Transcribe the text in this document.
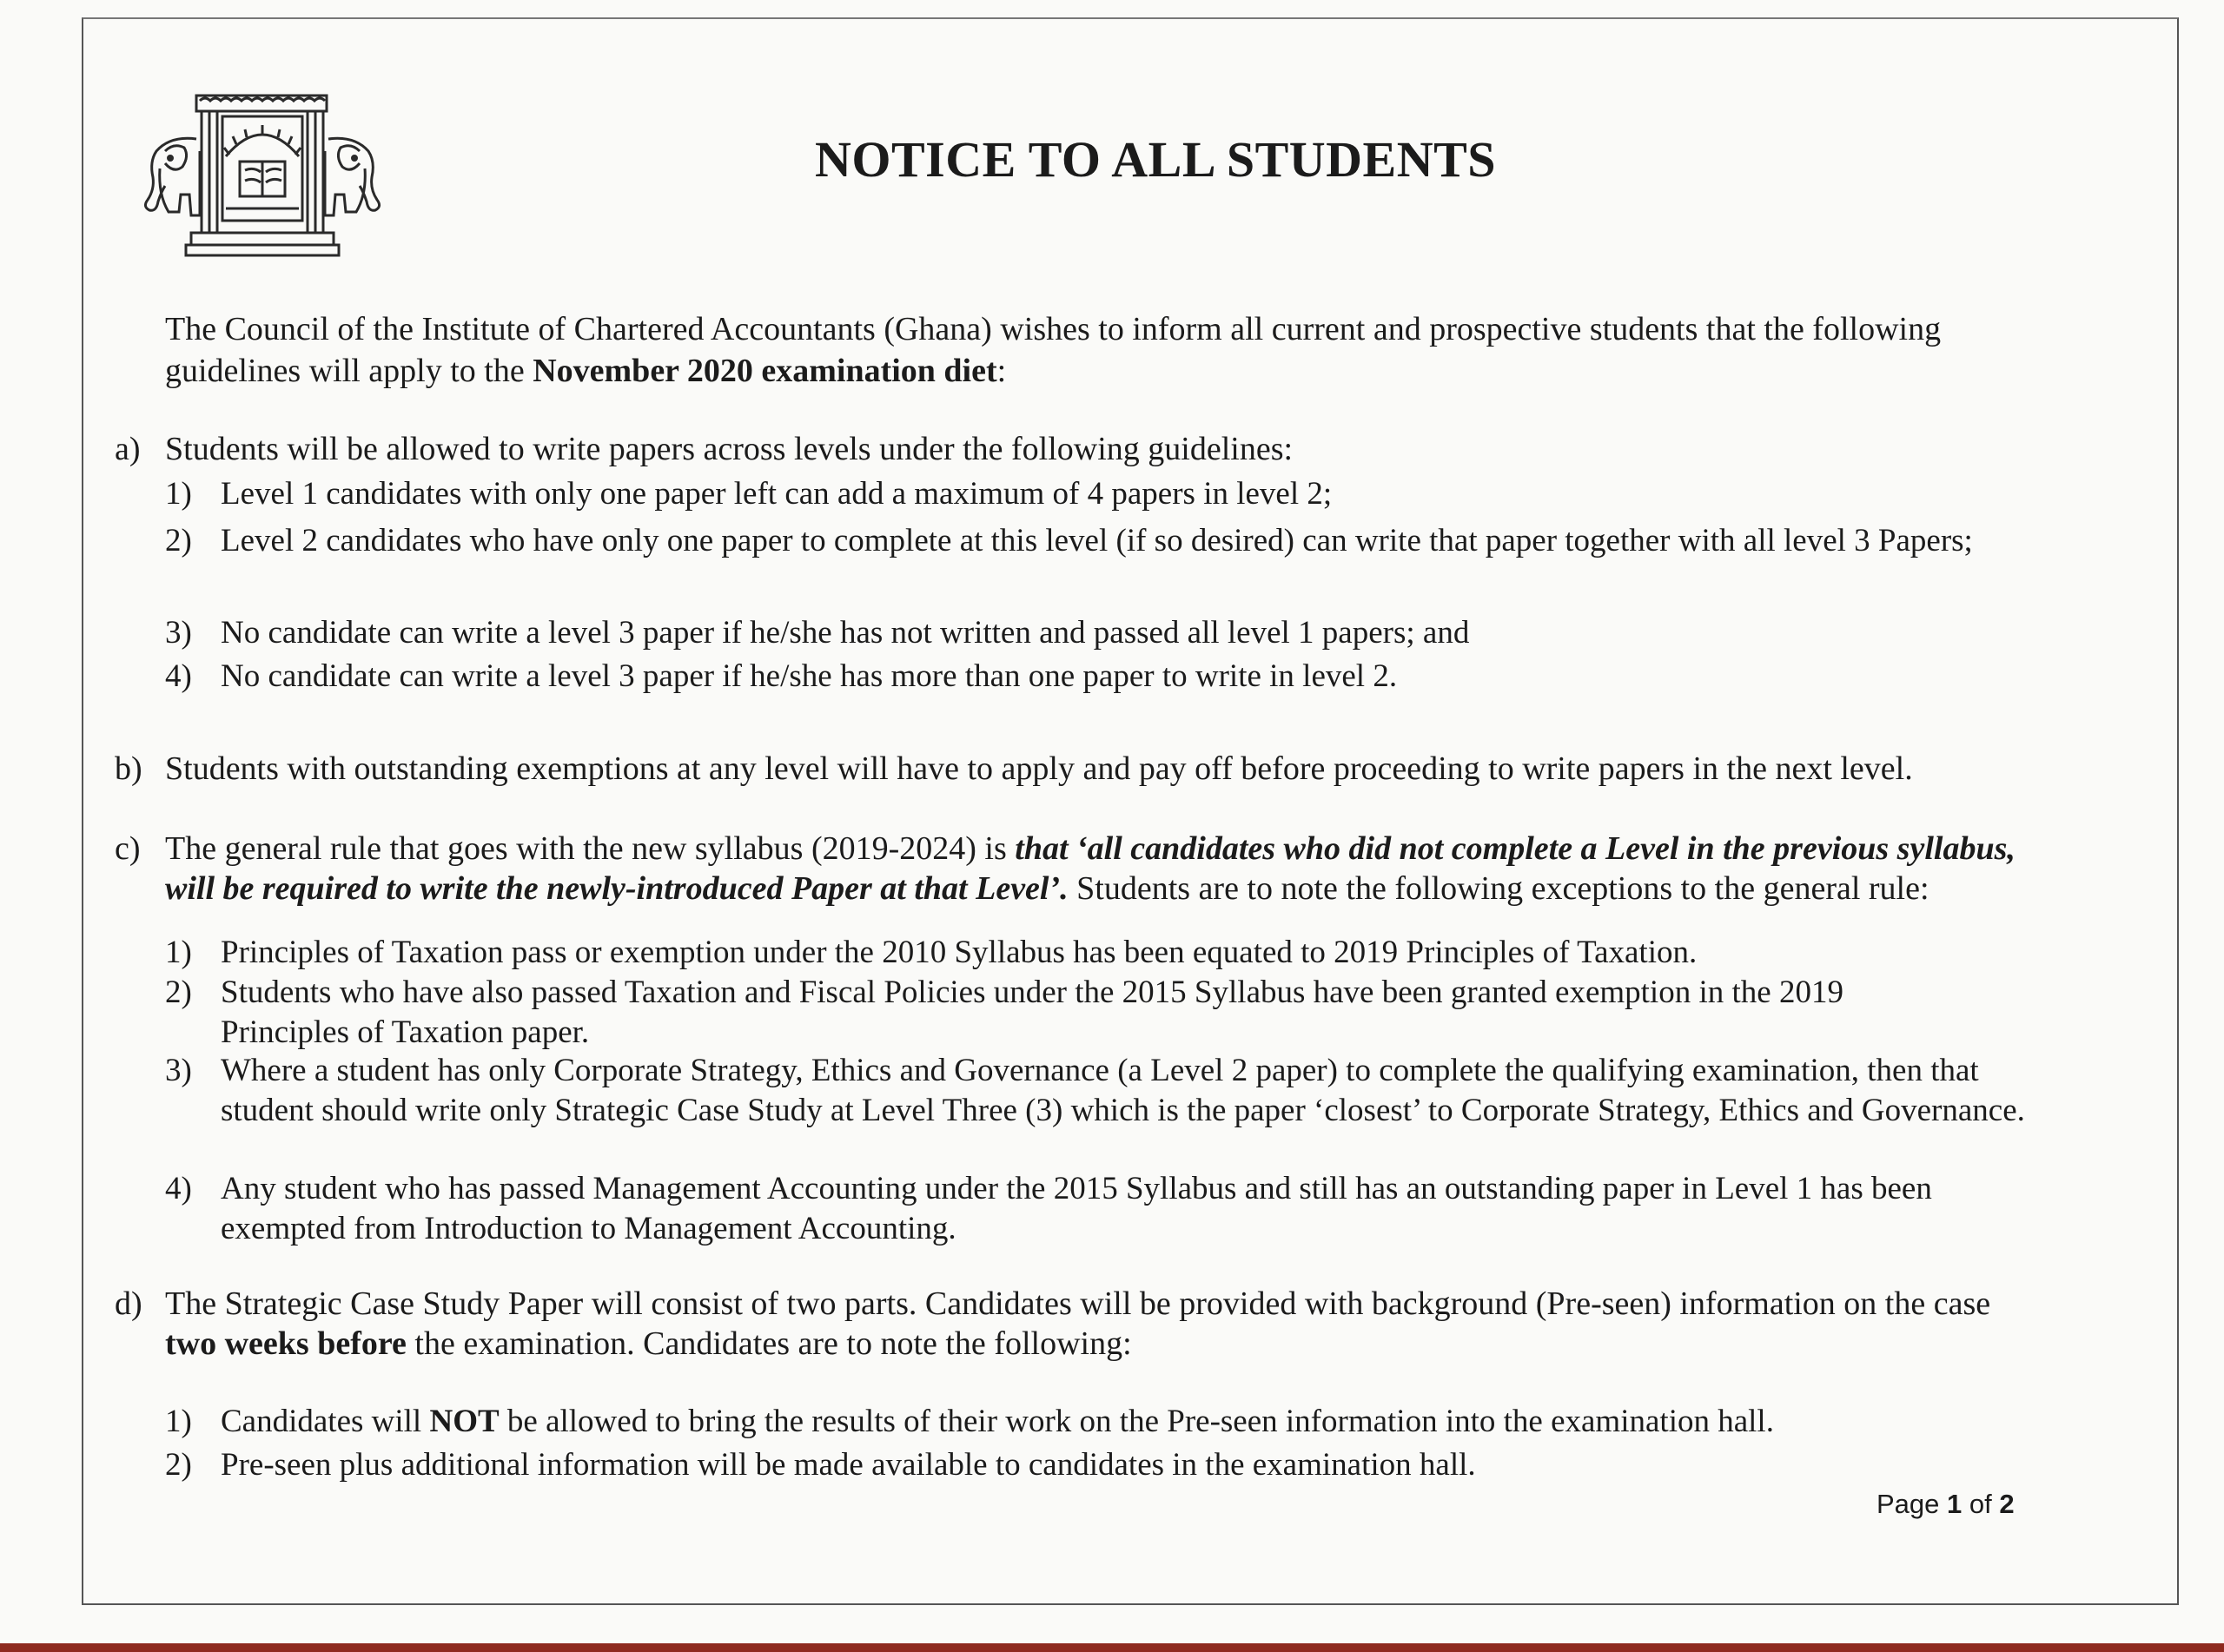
NOTICE TO ALL STUDENTS
The Council of the Institute of Chartered Accountants (Ghana) wishes to inform all current and prospective students that the following guidelines will apply to the November 2020 examination diet:
a) Students will be allowed to write papers across levels under the following guidelines:
1) Level 1 candidates with only one paper left can add a maximum of 4 papers in level 2;
2) Level 2 candidates who have only one paper to complete at this level (if so desired) can write that paper together with all level 3 Papers;
3) No candidate can write a level 3 paper if he/she has not written and passed all level 1 papers; and
4) No candidate can write a level 3 paper if he/she has more than one paper to write in level 2.
b) Students with outstanding exemptions at any level will have to apply and pay off before proceeding to write papers in the next level.
c) The general rule that goes with the new syllabus (2019-2024) is that ‘all candidates who did not complete a Level in the previous syllabus, will be required to write the newly-introduced Paper at that Level’. Students are to note the following exceptions to the general rule:
1) Principles of Taxation pass or exemption under the 2010 Syllabus has been equated to 2019 Principles of Taxation.
2) Students who have also passed Taxation and Fiscal Policies under the 2015 Syllabus have been granted exemption in the 2019 Principles of Taxation paper.
3) Where a student has only Corporate Strategy, Ethics and Governance (a Level 2 paper) to complete the qualifying examination, then that student should write only Strategic Case Study at Level Three (3) which is the paper ‘closest’ to Corporate Strategy, Ethics and Governance.
4) Any student who has passed Management Accounting under the 2015 Syllabus and still has an outstanding paper in Level 1 has been exempted from Introduction to Management Accounting.
d) The Strategic Case Study Paper will consist of two parts. Candidates will be provided with background (Pre-seen) information on the case two weeks before the examination. Candidates are to note the following:
1) Candidates will NOT be allowed to bring the results of their work on the Pre-seen information into the examination hall.
2) Pre-seen plus additional information will be made available to candidates in the examination hall.
Page 1 of 2
